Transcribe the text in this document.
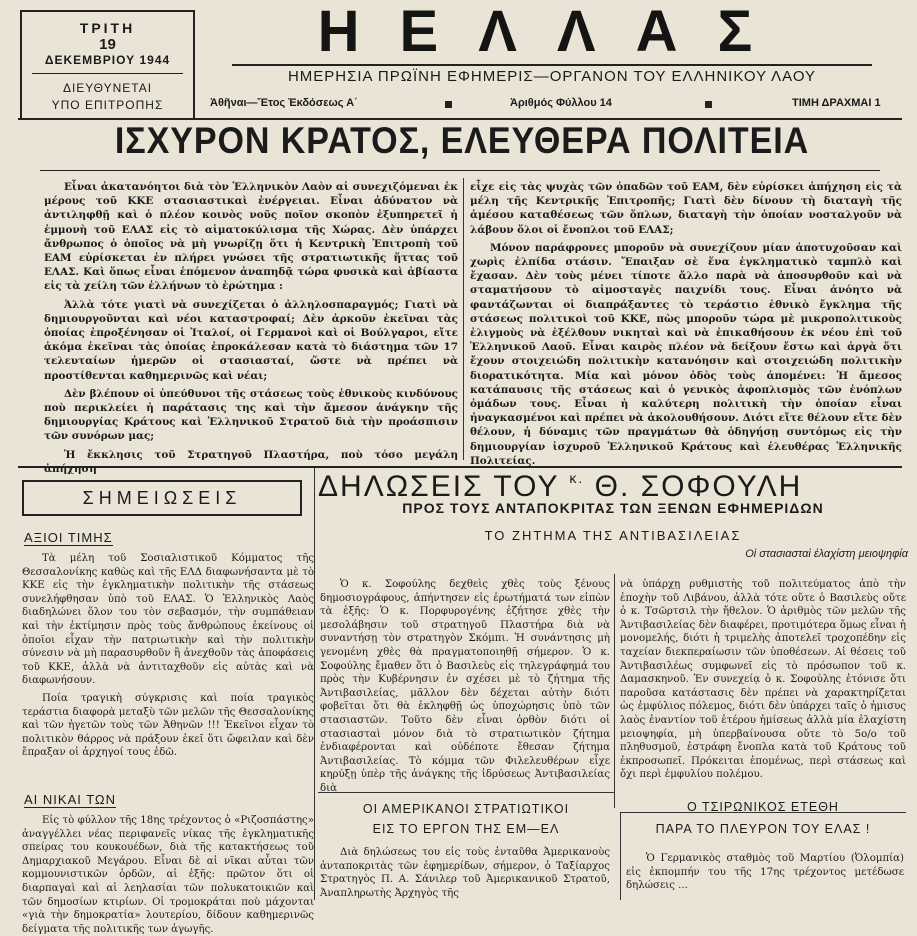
ΤΡΙΤΗ
19
ΔΕΚΕΜΒΡΙΟΥ 1944
ΔΙΕΥΘΥΝΕΤΑΙ
ΥΠΟ ΕΠΙΤΡΟΠΗΣ
ΗΕΛΛΑΣ
ΗΜΕΡΗΣΙΑ ΠΡΩΪΝΗ ΕΦΗΜΕΡΙΣ—ΟΡΓΑΝΟΝ ΤΟΥ ΕΛΛΗΝΙΚΟΥ ΛΑΟΥ
Ἀθῆναι—Ἔτος Ἐκδόσεως Α΄	Ἀριθμός Φύλλου 14	ΤΙΜΗ ΔΡΑΧΜΑΙ 1
ΙΣΧΥΡΟΝ ΚΡΑΤΟΣ, ΕΛΕΥΘΕΡΑ ΠΟΛΙΤΕΙΑ

Εἶναι ἀκατανόητοι διὰ τὸν Ἑλληνικὸν Λαὸν αἱ συνεχιζόμεναι ἐκ μέρους τοῦ ΚΚΕ στασιαστικαὶ ἐνέργειαι. Εἶναι ἀδύνατον νὰ ἀντιληφθῇ καὶ ὁ πλέον κοινὸς νοῦς ποῖον σκοπὸν ἐξυπηρετεῖ ἡ ἐμμονὴ τοῦ ΕΛΑΣ εἰς τὸ αἱματοκύλισμα τῆς Χώρας. Δὲν ὑπάρχει ἄνθρωπος ὁ ὁποῖος νὰ μὴ γνωρίζῃ ὅτι ἡ Κεντρικὴ Ἐπιτροπὴ τοῦ ΕΑΜ εὑρίσκεται ἐν πλήρει γνώσει τῆς στρατιωτικῆς ἥττας τοῦ ΕΛΑΣ. Καὶ ὅπως εἶναι ἑπόμενον ἀναπηδᾷ τώρα φυσικὰ καὶ ἀβίαστα εἰς τὰ χείλη τῶν ἑλλήνων τὸ ἐρώτημα :

Ἀλλὰ τότε γιατὶ νὰ συνεχίζεται ὁ ἀλληλοσπαραγμός; Γιατὶ νὰ δημιουργοῦνται καὶ νέοι καταστροφαί; Δὲν ἀρκοῦν ἐκεῖναι τὰς ὁποίας ἐπροξένησαν οἱ Ἰταλοί, οἱ Γερμανοὶ καὶ οἱ Βούλγαροι, εἴτε ἀκόμα ἐκεῖναι τὰς ὁποίας ἐπροκάλεσαν κατὰ τὸ διάστημα τῶν 17 τελευταίων ἡμερῶν οἱ στασιασταί, ὥστε νὰ πρέπει νὰ προστίθενται καθημερινῶς καὶ νέαι;

Δὲν βλέπουν οἱ ὑπεύθυνοι τῆς στάσεως τοὺς ἐθνικοὺς κινδύνους ποὺ περικλείει ἡ παράτασις της καὶ τὴν ἄμεσον ἀνάγκην τῆς δημιουργίας Κράτους καὶ Ἑλληνικοῦ Στρατοῦ διὰ τὴν προάσπισιν τῶν συνόρων μας;

Ἡ ἔκκλησις τοῦ Στρατηγοῦ Πλαστήρα, ποὺ τόσο μεγάλη ἀπήχηση

εἶχε εἰς τὰς ψυχὰς τῶν ὁπαδῶν τοῦ ΕΑΜ, δὲν εὑρίσκει ἀπήχηση εἰς τὰ μέλη τῆς Κεντρικῆς Ἐπιτροπῆς; Γιατὶ δὲν δίνουν τὴ διαταγὴ τῆς ἀμέσου καταθέσεως τῶν ὅπλων, διαταγὴ τὴν ὁποίαν νοσταλγοῦν νὰ λάβουν ὅλοι οἱ ἔνοπλοι τοῦ ΕΛΑΣ;

Μόνον παράφρονες μποροῦν νὰ συνεχίζουν μίαν ἀποτυχοῦσαν καὶ χωρὶς ἐλπίδα στάσιν. Ἔπαιξαν σὲ ἕνα ἐγκληματικὸ ταμπλὸ καὶ ἔχασαν. Δὲν τοὺς μένει τίποτε ἄλλο παρὰ νὰ ἀποσυρθοῦν καὶ νὰ σταματήσουν τὸ αἱμοσταγὲς παιχνίδι τους. Εἶναι ἀνόητο νὰ φαντάζωνται οἱ διαπράξαντες τὸ τεράστιο ἐθνικὸ ἔγκλημα τῆς στάσεως πολιτικοὶ τοῦ ΚΚΕ, πὼς μποροῦν τώρα μὲ μικροπολιτικοὺς ἐλιγμοὺς νὰ ἐξέλθουν νικηταὶ καὶ νὰ ἐπικαθήσουν ἐκ νέου ἐπὶ τοῦ Ἑλληνικοῦ Λαοῦ. Εἶναι καιρὸς πλέον νὰ δείξουν ἔστω καὶ ἀργὰ ὅτι ἔχουν στοιχειώδη πολιτικὴν κατανόησιν καὶ στοιχειώδη πολιτικὴν διορατικότητα. Μία καὶ μόνον ὁδὸς τοὺς ἀπομένει: Ἡ ἄμεσος κατάπαυσις τῆς στάσεως καὶ ὁ γενικὸς ἀφοπλισμὸς τῶν ἐνόπλων ὁμάδων τους. Εἶναι ἡ καλύτερη πολιτικὴ τὴν ὁποίαν εἶναι ἠναγκασμένοι καὶ πρέπει νὰ ἀκολουθήσουν. Διότι εἴτε θέλουν εἴτε δὲν θέλουν, ἡ δύναμις τῶν πραγμάτων θὰ ὁδηγήσῃ συντόμως εἰς τὴν δημιουργίαν ἰσχυροῦ Ἑλληνικοῦ Κράτους καὶ ἐλευθέρας Ἑλληνικῆς Πολιτείας.

ΣΗΜΕΙΩΣΕΙΣ
ΑΞΙΟΙ ΤΙΜΗΣ

Τὰ μέλη τοῦ Σοσιαλιστικοῦ Κόμματος τῆς Θεσσαλονίκης καθὼς καὶ τῆς ΕΛΔ διαφωνήσαντα μὲ τὸ ΚΚΕ εἰς τὴν ἐγκληματικὴν πολιτικὴν τῆς στάσεως συνελήφθησαν ὑπὸ τοῦ ΕΛΑΣ. Ὁ Ἑλληνικὸς Λαὸς διαδηλώνει ὅλον του τὸν σεβασμόν, τὴν συμπάθειαν καὶ τὴν ἐκτίμησιν πρὸς τοὺς ἄνθρώπους ἐκείνους οἱ ὁποῖοι εἶχαν τὴν πατριωτικὴν καὶ τὴν πολιτικὴν σύνεσιν νὰ μὴ παρασυρθοῦν ἢ ἀνεχθοῦν τὰς ἀποφάσεις τοῦ ΚΚΕ, ἀλλὰ νὰ ἀντιταχθοῦν εἰς αὐτὰς καὶ νὰ διαφωνήσουν.

Ποία τραγικὴ σύγκρισις καὶ ποία τραγικὸς τεράστια διαφορὰ μεταξὺ τῶν μελῶν τῆς Θεσσαλονίκης καὶ τῶν ἠγετῶν τοὺς τῶν Ἀθηνῶν !!! Ἐκεῖνοι εἶχαν τὸ πολιτικὸν θάρρος νὰ πράξουν ἐκεῖ ὅτι ὤφειλαν καὶ δὲν ἔπραξαν οἱ ἀρχηγοί τους ἐδῶ.

ΑΙ ΝΙΚΑΙ ΤΩΝ

Εἰς τὸ φύλλον τῆς 18ης τρέχοντος ὁ «Ριζοσπάστης» ἀναγγέλλει νέας περιφανεῖς νίκας τῆς ἐγκληματικῆς σπείρας του κουκουέδων, διὰ τῆς κατακτήσεως τοῦ Δημαρχιακοῦ Μεγάρου. Εἶναι δὲ αἱ νῖκαι αὗται τῶν κομμουνιστικῶν ὁρδῶν, αἱ ἐξῆς: πρῶτον ὅτι οἱ διαρπαγαὶ καὶ αἱ λεηλασίαι τῶν πολυκατοικιῶν καὶ τῶν δημοσίων κτιρίων. Οἱ τρομοκράται ποὺ μάχονται «γιὰ τὴν δημοκρατία» λουτερίου, δίδουν καθημερινῶς δείγματα τῆς πολιτικῆς των ἀγωγῆς.

ΔΗΛΩΣΕΙΣ ΤΟΥ $^{\kappa.}$ Θ. ΣΟΦΟΥΛΗ
ΠΡΟΣ ΤΟΥΣ ΑΝΤΑΠΟΚΡΙΤΑΣ ΤΩΝ ΞΕΝΩΝ ΕΦΗΜΕΡΙΔΩΝ
ΤΟ ΖΗΤΗΜΑ ΤΗΣ ΑΝΤΙΒΑΣΙΛΕΙΑΣ
Οἱ στασιασταὶ ἐλαχίστη μειοψηφία

Ὁ κ. Σοφούλης δεχθεὶς χθὲς τοὺς ξένους δημοσιογράφους, ἀπήντησεν εἰς ἐρωτήματά των εἰπὼν τὰ ἑξῆς: Ὁ κ. Πορφυρογένης ἐζήτησε χθὲς τὴν μεσολάβησιν τοῦ στρατηγοῦ Πλαστήρα διὰ νὰ συναντήσῃ τὸν στρατηγὸν Σκόμπι. Ἡ συνάντησις μὴ γενομένη χθὲς θὰ πραγματοποιηθῇ σήμερον. Ὁ κ. Σοφούλης ἔμαθεν ὅτι ὁ Βασιλεὺς εἰς τηλεγράφημά του πρὸς τὴν Κυβέρνησιν ἐν σχέσει μὲ τὸ ζήτημα τῆς Ἀντιβασιλείας, μᾶλλον δὲν δέχεται αὐτὴν διότι φοβεῖται ὅτι θὰ ἐκληφθῇ ὡς ὑποχώρησις ὑπὸ τῶν στασιαστῶν. Τοῦτο δὲν εἶναι ὀρθὸν διότι οἱ στασιασταὶ μόνον διὰ τὸ στρατιωτικὸν ζήτημα ἐνδιαφέρονται καὶ οὐδέποτε ἔθεσαν ζήτημα Ἀντιβασιλείας. Τὸ κόμμα τῶν Φιλελευθέρων εἶχε κηρύξῃ ὑπὲρ τῆς ἀνάγκης τῆς ἱδρύσεως Ἀντιβασιλείας διὰ

νὰ ὑπάρχῃ ρυθμιστὴς τοῦ πολιτεύματος ἀπὸ τὴν ἐποχὴν τοῦ Λιβάνου, ἀλλὰ τότε οὔτε ὁ Βασιλεὺς οὔτε ὁ κ. Τσῶρτσιλ τὴν ἤθελον. Ὁ ἀριθμὸς τῶν μελῶν τῆς Ἀντιβασιλείας δὲν διαφέρει, προτιμότερα ὅμως εἶναι ἡ μονομελής, διότι ἡ τριμελὴς ἀποτελεῖ τροχοπέδην εἰς ταχείαν διεκπεραίωσιν τῶν ὑποθέσεων. Αἱ θέσεις τοῦ Ἀντιβασιλέως συμφωνεῖ εἰς τὸ πρόσωπον τοῦ κ. Δαμασκηνοῦ. Ἐν συνεχείᾳ ὁ κ. Σοφούλης ἐτόνισε ὅτι παροῦσα κατάστασις δὲν πρέπει νὰ χαρακτηρίζεται ὡς ἐμφύλιος πόλεμος, διότι δὲν ὑπάρχει ταῖς ὁ ἡμισυς λαὸς ἐναντίον τοῦ ἑτέρου ἡμίσεως ἀλλὰ μία ἐλαχίστη μειοψηφία, μὴ ὑπερβαίνουσα οὔτε τὸ 5ο/ο τοῦ πληθυσμοῦ, ἐστράφη ἔνοπλα κατὰ τοῦ Κράτους τοῦ ἐκπροσωπεῖ. Πρόκειται ἑπομένως, περὶ στάσεως καὶ ὄχι περὶ ἐμφυλίου πολέμου.

ΟΙ ΑΜΕΡΙΚΑΝΟΙ ΣΤΡΑΤΙΩΤΙΚΟΙ
ΕΙΣ ΤΟ ΕΡΓΟΝ ΤΗΣ ΕΜ—ΕΛ

Διὰ δηλώσεως του εἰς τοὺς ἐνταῦθα Ἀμερικανοὺς ἀνταποκριτὰς τῶν ἐφημερίδων, σήμερον, ὁ Ταξίαρχος Στρατηγὸς Π. Α. Σάνιλερ τοῦ Ἀμερικανικοῦ Στρατοῦ, Ἀναπληρωτὴς Ἀρχηγὸς τῆς

Ο ΤΣΙΡΩΝΙΚΟΣ ΕΤΕΘΗ
ΠΑΡΑ ΤΟ ΠΛΕΥΡΟΝ ΤΟΥ ΕΛΑΣ !

Ὁ Γερμανικὸς σταθμὸς τοῦ Μαρτίου (Ὀλομπία) εἰς ἐκπομπήν του τῆς 17ης τρέχοντος μετέδωσε δηλώσεις ...
